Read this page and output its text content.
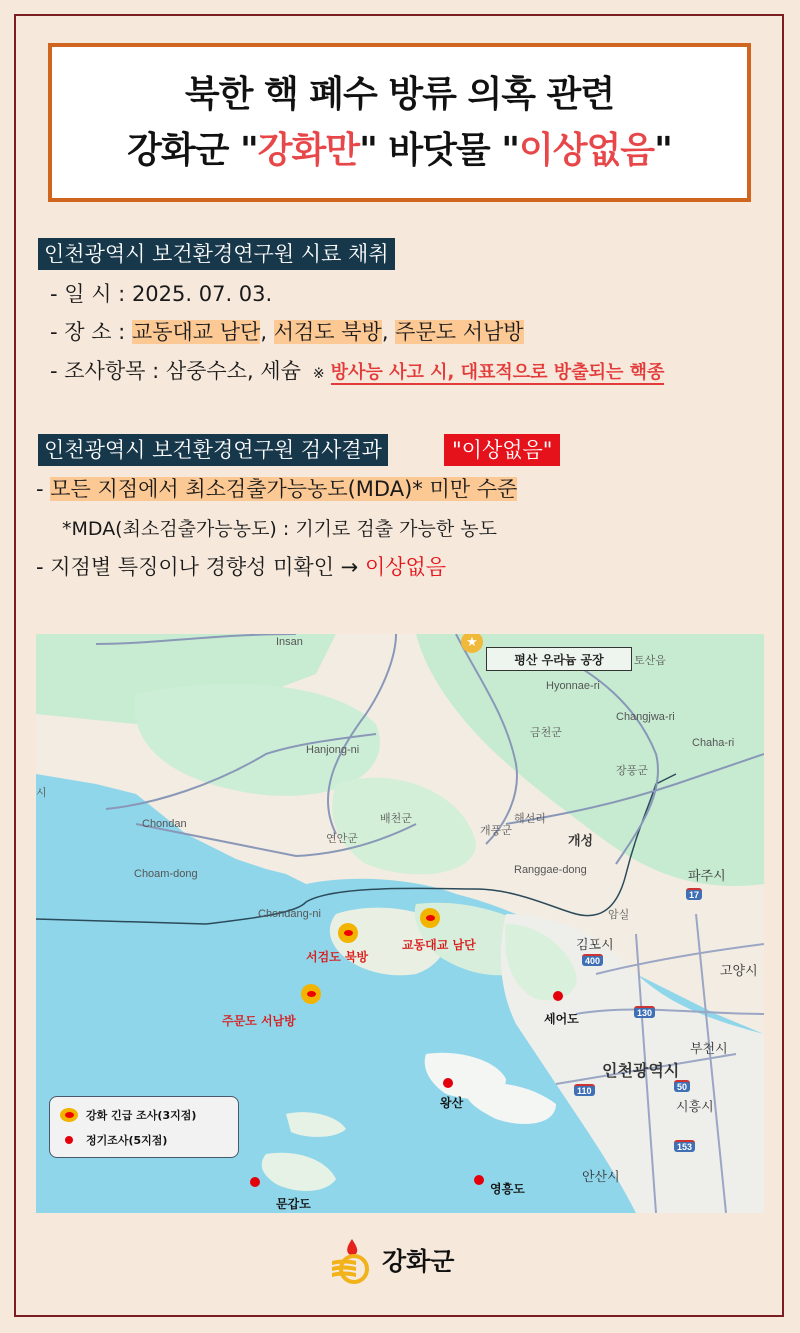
북한 핵 폐수 방류 의혹 관련
강화군 "강화만" 바닷물 "이상없음"
인천광역시 보건환경연구원 시료 채취
- 일 시 : 2025. 07. 03.
- 장 소 : 교동대교 남단, 서검도 북방, 주문도 서남방
- 조사항목 : 삼중수소, 세슘 ※ 방사능 사고 시, 대표적으로 방출되는 핵종
인천광역시 보건환경연구원 검사결과	"이상없음"
- 모든 지점에서 최소검출가능농도(MDA)* 미만 수준
*MDA(최소검출가능농도) : 기기로 검출 가능한 농도
- 지점별 특징이나 경향성 미확인 → 이상없음
★
평산 우라늄 공장
Insan
Hanjong-ni
Chondan
Choam-dong
Chondang-ni
시
연안군
배천군
금천군
Hyonnae-ri
토산읍
Changjwa-ri
Chaha-ri
장풍군
해선리
개풍군
개성
Ranggae-dong	파주시
암실
김포시
고양시
부천시
인천광역시
시흥시
안산시
17
400
130
110	50
153
서검도 북방
교동대교 남단
주문도 서남방	세어도
왕산
영흥도
문갑도
강화 긴급 조사(3지점)
정기조사(5지점)
강화군
